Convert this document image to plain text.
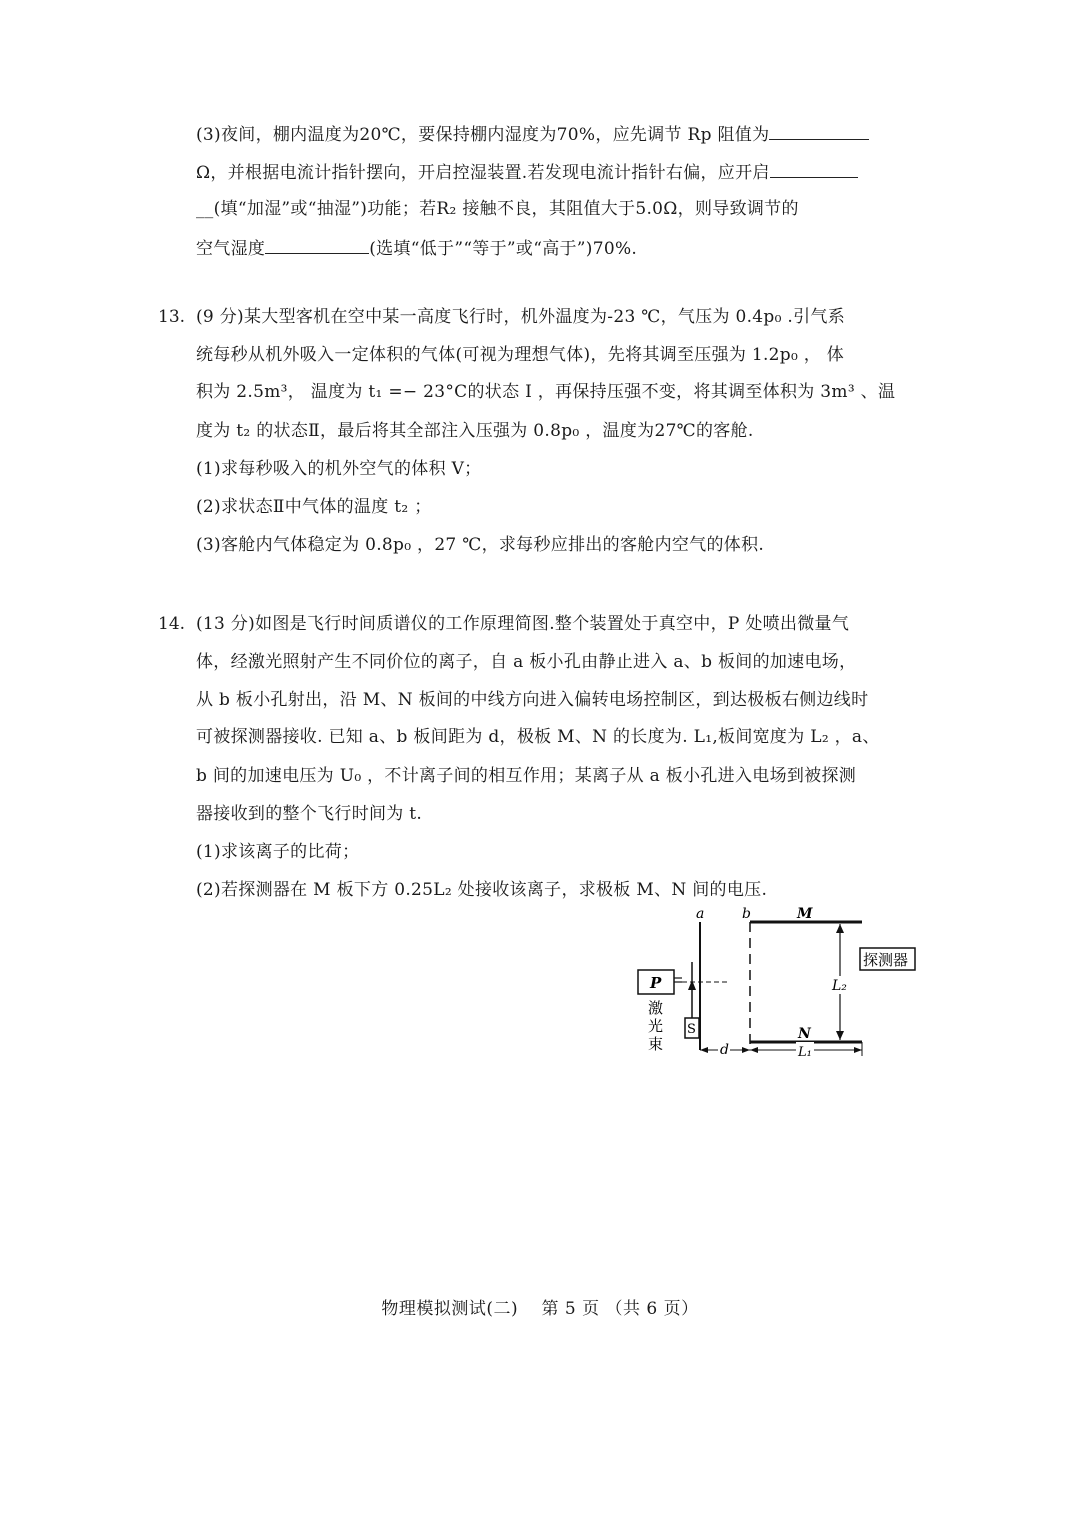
(3)夜间，棚内温度为20℃，要保持棚内湿度为70%，应先调节 Rp 阻值为
Ω，并根据电流计指针摆向，开启控湿装置.若发现电流计指针右偏，应开启
__(填“加湿”或“抽湿”)功能；若R₂ 接触不良，其阻值大于5.0Ω，则导致调节的
空气湿度	(选填“低于”“等于”或“高于”)70%.
13. (9 分)某大型客机在空中某一高度飞行时，机外温度为-23 ℃，气压为 0.4p₀ .引气系
统每秒从机外吸入一定体积的气体(可视为理想气体)，先将其调至压强为 1.2p₀ ， 体
积为 2.5m³， 温度为 t₁ =− 23°C的状态 I ，再保持压强不变，将其调至体积为 3m³ 、温
度为 t₂ 的状态Ⅱ，最后将其全部注入压强为 0.8p₀ ，温度为27℃的客舱.
(1)求每秒吸入的机外空气的体积 V；
(2)求状态Ⅱ中气体的温度 t₂ ；
(3)客舱内气体稳定为 0.8p₀ ，27 ℃，求每秒应排出的客舱内空气的体积.
14. (13 分)如图是飞行时间质谱仪的工作原理简图.整个装置处于真空中，P 处喷出微量气
体，经激光照射产生不同价位的离子，自 a 板小孔由静止进入 a、b 板间的加速电场，
从 b 板小孔射出，沿 M、N 板间的中线方向进入偏转电场控制区，到达极板右侧边线时
可被探测器接收. 已知 a、b 板间距为 d，极板 M、N 的长度为. L₁,板间宽度为 L₂ ，a、
b 间的加速电压为 U₀ ，不计离子间的相互作用；某离子从 a 板小孔进入电场到被探测
器接收到的整个飞行时间为 t.
(1)求该离子的比荷；
(2)若探测器在 M 板下方 0.25L₂ 处接收该离子，求极板 M、N 间的电压.
a	b	M
N
L₂
探测器
P
S
激
光
束	d	L₁
物理模拟测试(二)　 第 5 页 （共 6 页）
